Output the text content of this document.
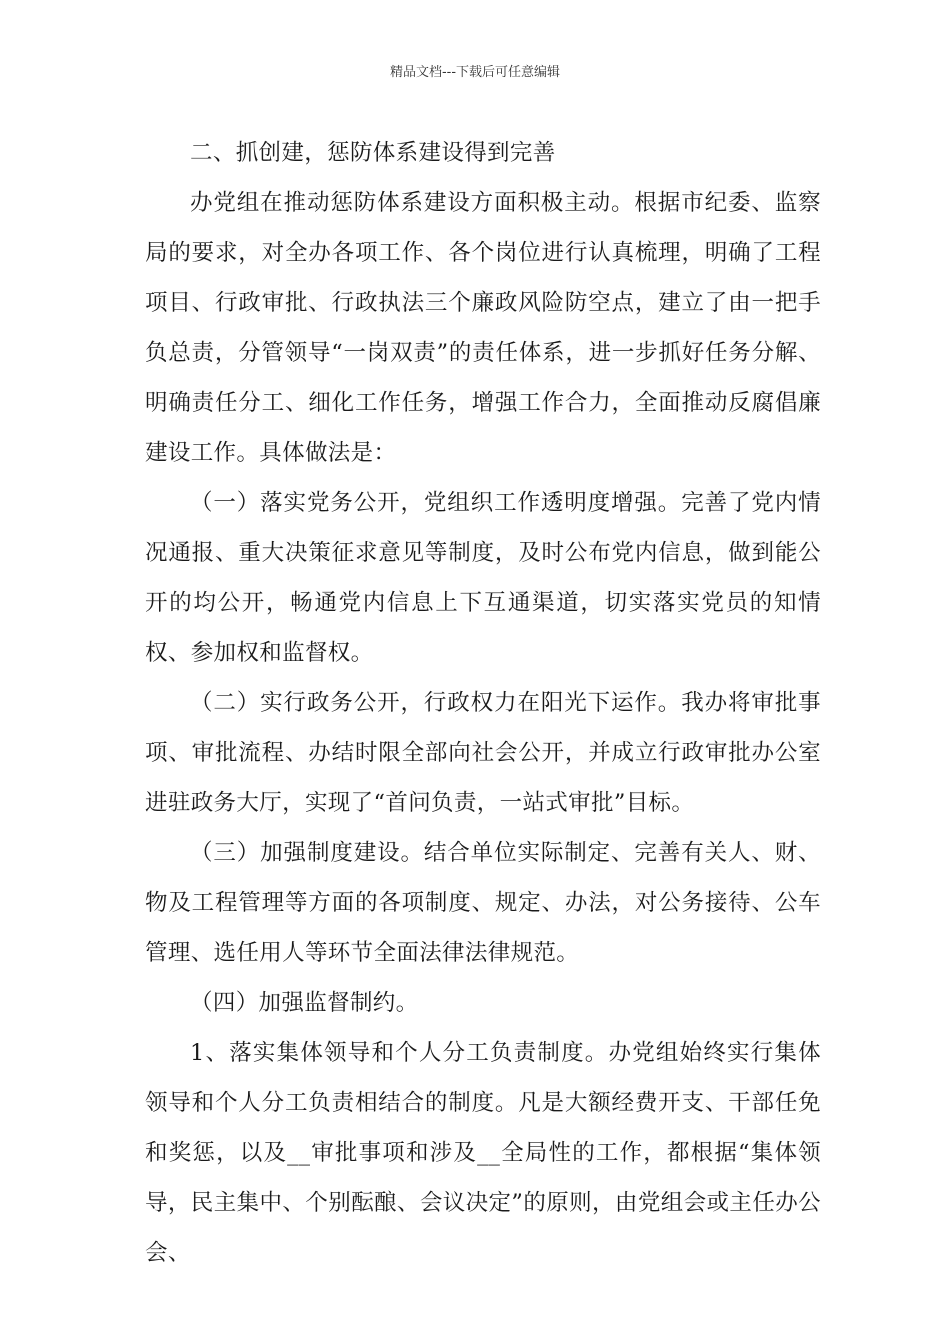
精品文档---下载后可任意编辑

二、抓创建，惩防体系建设得到完善

办党组在推动惩防体系建设方面积极主动。根据市纪委、监察局的要求，对全办各项工作、各个岗位进行认真梳理，明确了工程项目、行政审批、行政执法三个廉政风险防空点，建立了由一把手负总责，分管领导“一岗双责”的责任体系，进一步抓好任务分解、明确责任分工、细化工作任务，增强工作合力，全面推动反腐倡廉建设工作。具体做法是：

（一）落实党务公开，党组织工作透明度增强。完善了党内情况通报、重大决策征求意见等制度，及时公布党内信息，做到能公开的均公开，畅通党内信息上下互通渠道，切实落实党员的知情权、参加权和监督权。

（二）实行政务公开，行政权力在阳光下运作。我办将审批事项、审批流程、办结时限全部向社会公开，并成立行政审批办公室进驻政务大厅，实现了“首问负责，一站式审批”目标。

（三）加强制度建设。结合单位实际制定、完善有关人、财、物及工程管理等方面的各项制度、规定、办法，对公务接待、公车管理、选任用人等环节全面法律法律规范。

（四）加强监督制约。

1、落实集体领导和个人分工负责制度。办党组始终实行集体领导和个人分工负责相结合的制度。凡是大额经费开支、干部任免和奖惩，以及__审批事项和涉及__全局性的工作，都根据“集体领导，民主集中、个别酝酿、会议决定”的原则，由党组会或主任办公会、
